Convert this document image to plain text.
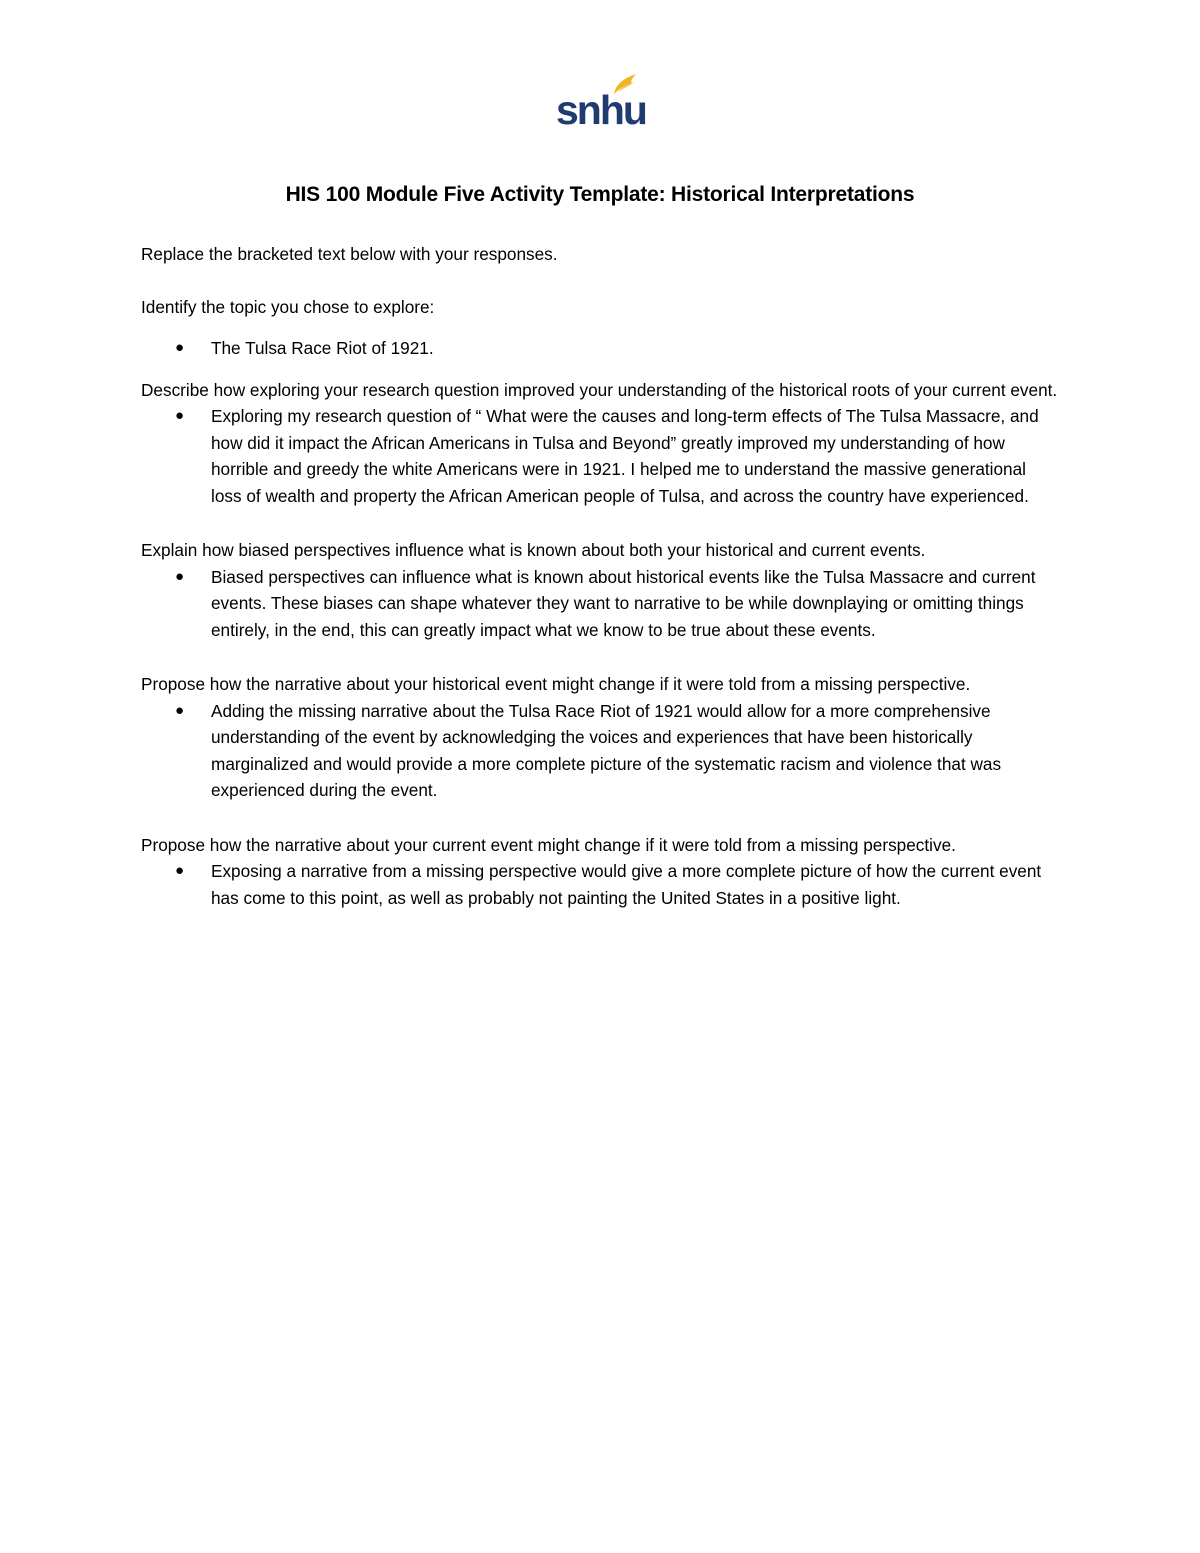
snhu
HIS 100 Module Five Activity Template: Historical Interpretations

Replace the bracketed text below with your responses.

Identify the topic you chose to explore:

● The Tulsa Race Riot of 1921.

Describe how exploring your research question improved your understanding of the historical roots of your current event.

● Exploring my research question of “ What were the causes and long-term effects of The Tulsa Massacre, and how did it impact the African Americans in Tulsa and Beyond” greatly improved my understanding of how horrible and greedy the white Americans were in 1921. I helped me to understand the massive generational loss of wealth and property the African American people of Tulsa, and across the country have experienced.

Explain how biased perspectives influence what is known about both your historical and current events.

● Biased perspectives can influence what is known about historical events like the Tulsa Massacre and current events. These biases can shape whatever they want to narrative to be while downplaying or omitting things entirely, in the end, this can greatly impact what we know to be true about these events.

Propose how the narrative about your historical event might change if it were told from a missing perspective.

● Adding the missing narrative about the Tulsa Race Riot of 1921 would allow for a more comprehensive understanding of the event by acknowledging the voices and experiences that have been historically marginalized and would provide a more complete picture of the systematic racism and violence that was experienced during the event.

Propose how the narrative about your current event might change if it were told from a missing perspective.

● Exposing a narrative from a missing perspective would give a more complete picture of how the current event has come to this point, as well as probably not painting the United States in a positive light.
